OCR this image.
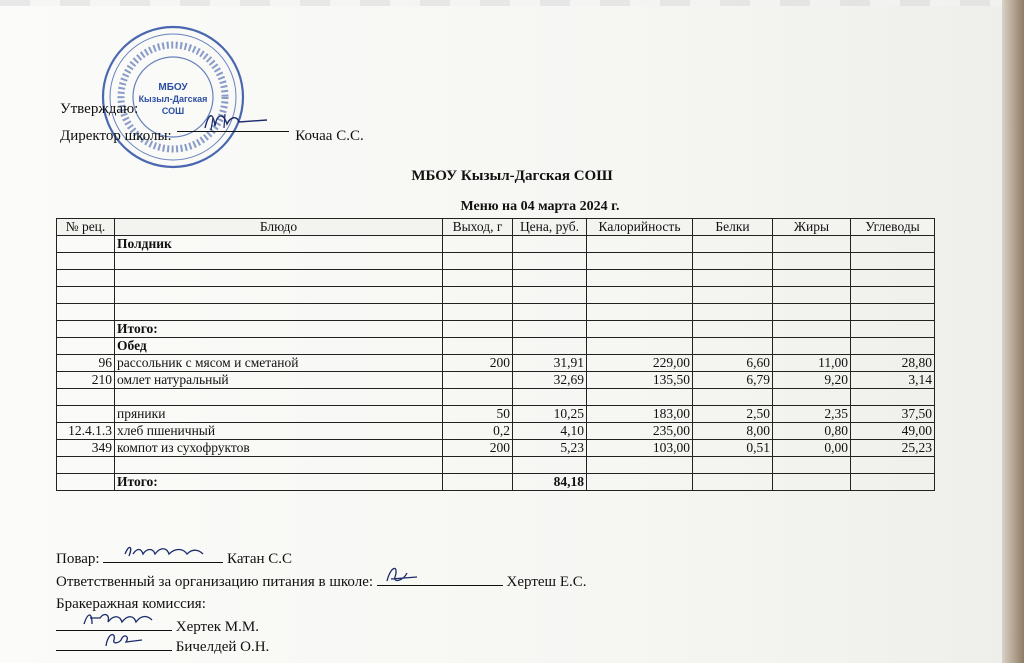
МБОУ
Кызыл-Дагская
СОШ
Утверждаю:
Директор школы:	Кочаа С.С.
МБОУ Кызыл-Дагская СОШ
Меню на 04 марта 2024 г.
№ рец.	Блюдо	Выход, г	Цена, руб.	Калорийность	Белки	Жиры	Углеводы
	Полдник						

	Итого:						
	Обед						
96	рассольник с мясом и сметаной	200	31,91	229,00	6,60	11,00	28,80
210	омлет натуральный		32,69	135,50	6,79	9,20	3,14

	пряники	50	10,25	183,00	2,50	2,35	37,50
12.4.1.3	хлеб пшеничный	0,2	4,10	235,00	8,00	0,80	49,00
349	компот из сухофруктов	200	5,23	103,00	0,51	0,00	25,23

	Итого:		84,18				
Повар:	Катан С.С
Ответственный за организацию питания в школе:	Хертеш Е.С.
Бракеражная комиссия:
Хертек М.М.
Бичелдей О.Н.
